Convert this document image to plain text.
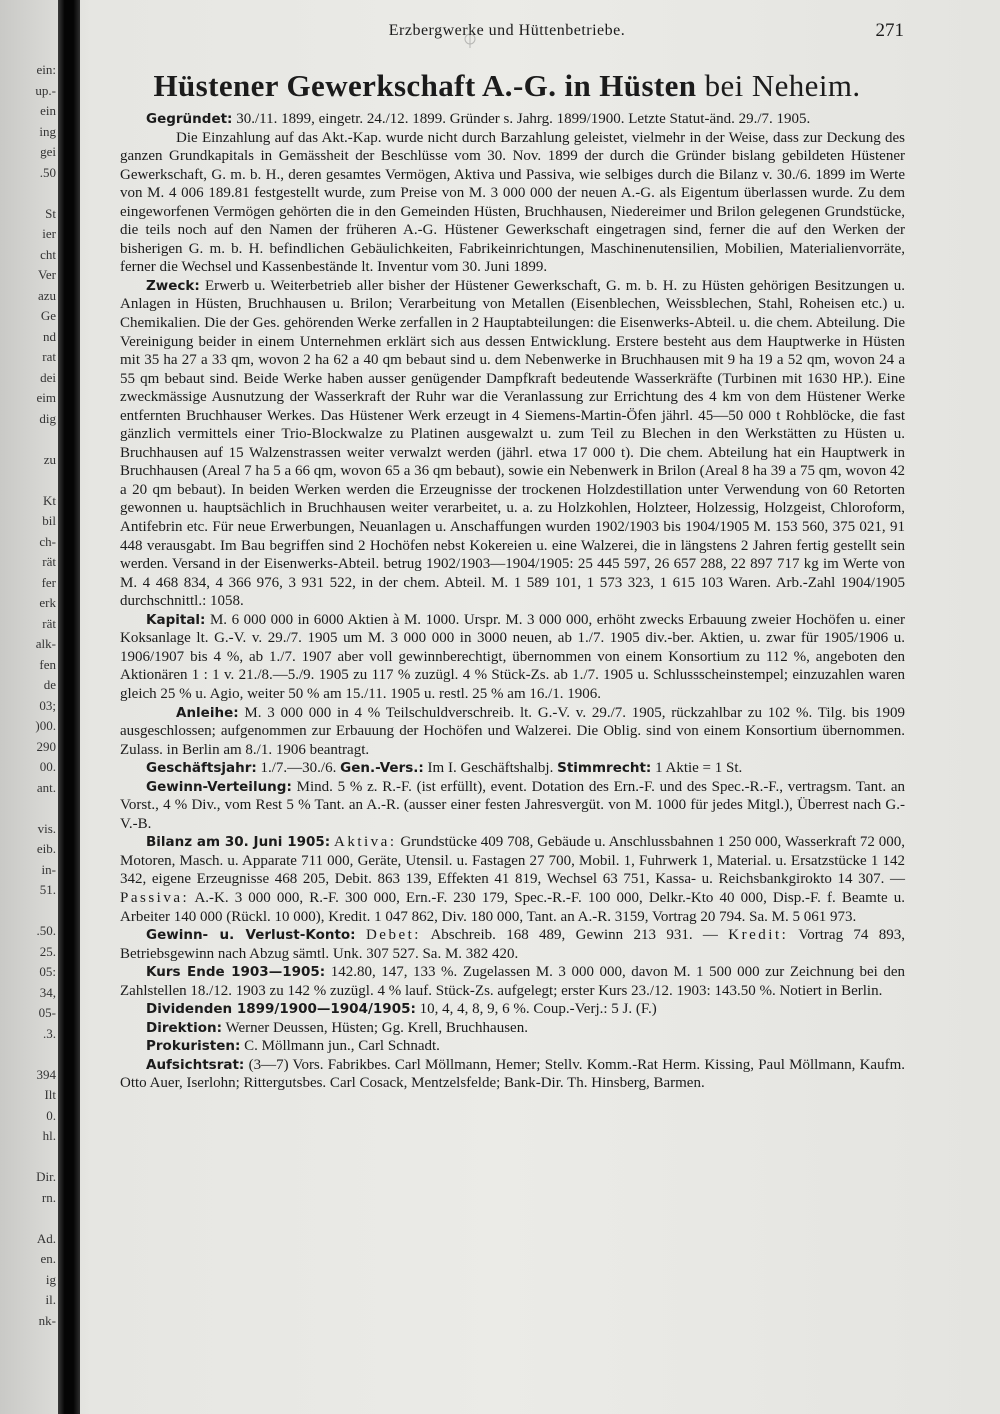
ein:
up.-
ein
ing
gei
.50

St
ier
cht
Ver
azu
Ge
nd
rat
dei
eim
dig

zu

Kt
bil
ch-
rät
fer
erk
rät
alk-
fen
de
03;
)00.
290
00.
ant.

vis.
eib.
in-
51.

.50.
25.
05:
34,
05-
.3.

394
Ilt
0.
hl.

Dir.
rn.

Ad.
en.
ig
il.
nk-
Erzbergwerke und Hüttenbetriebe.	271
Hüstener Gewerkschaft A.-G. in Hüsten bei Neheim.

Gegründet: 30./11. 1899, eingetr. 24./12. 1899. Gründer s. Jahrg. 1899/1900. Letzte Statut-änd. 29./7. 1905.

Die Einzahlung auf das Akt.-Kap. wurde nicht durch Barzahlung geleistet, vielmehr in der Weise, dass zur Deckung des ganzen Grundkapitals in Gemässheit der Beschlüsse vom 30. Nov. 1899 der durch die Gründer bislang gebildeten Hüstener Gewerkschaft, G. m. b. H., deren gesamtes Vermögen, Aktiva und Passiva, wie selbiges durch die Bilanz v. 30./6. 1899 im Werte von M. 4 006 189.81 festgestellt wurde, zum Preise von M. 3 000 000 der neuen A.-G. als Eigentum überlassen wurde. Zu dem eingeworfenen Vermögen gehörten die in den Gemeinden Hüsten, Bruchhausen, Niedereimer und Brilon gelegenen Grundstücke, die teils noch auf den Namen der früheren A.-G. Hüstener Gewerkschaft eingetragen sind, ferner die auf den Werken der bisherigen G. m. b. H. befindlichen Gebäulichkeiten, Fabrikeinrichtungen, Maschinenutensilien, Mobilien, Materialienvorräte, ferner die Wechsel und Kassenbestände lt. Inventur vom 30. Juni 1899.

Zweck: Erwerb u. Weiterbetrieb aller bisher der Hüstener Gewerkschaft, G. m. b. H. zu Hüsten gehörigen Besitzungen u. Anlagen in Hüsten, Bruchhausen u. Brilon; Verarbeitung von Metallen (Eisenblechen, Weissblechen, Stahl, Roheisen etc.) u. Chemikalien. Die der Ges. gehörenden Werke zerfallen in 2 Hauptabteilungen: die Eisenwerks-Abteil. u. die chem. Abteilung. Die Vereinigung beider in einem Unternehmen erklärt sich aus dessen Entwicklung. Erstere besteht aus dem Hauptwerke in Hüsten mit 35 ha 27 a 33 qm, wovon 2 ha 62 a 40 qm bebaut sind u. dem Nebenwerke in Bruchhausen mit 9 ha 19 a 52 qm, wovon 24 a 55 qm bebaut sind. Beide Werke haben ausser genügender Dampfkraft bedeutende Wasserkräfte (Turbinen mit 1630 HP.). Eine zweckmässige Ausnutzung der Wasserkraft der Ruhr war die Veranlassung zur Errichtung des 4 km von dem Hüstener Werke entfernten Bruchhauser Werkes. Das Hüstener Werk erzeugt in 4 Siemens-Martin-Öfen jährl. 45—50 000 t Rohblöcke, die fast gänzlich vermittels einer Trio-Blockwalze zu Platinen ausgewalzt u. zum Teil zu Blechen in den Werkstätten zu Hüsten u. Bruchhausen auf 15 Walzenstrassen weiter verwalzt werden (jährl. etwa 17 000 t). Die chem. Abteilung hat ein Hauptwerk in Bruchhausen (Areal 7 ha 5 a 66 qm, wovon 65 a 36 qm bebaut), sowie ein Nebenwerk in Brilon (Areal 8 ha 39 a 75 qm, wovon 42 a 20 qm bebaut). In beiden Werken werden die Erzeugnisse der trockenen Holzdestillation unter Verwendung von 60 Retorten gewonnen u. hauptsächlich in Bruchhausen weiter verarbeitet, u. a. zu Holzkohlen, Holzteer, Holzessig, Holzgeist, Chloroform, Antifebrin etc. Für neue Erwerbungen, Neuanlagen u. Anschaffungen wurden 1902/1903 bis 1904/1905 M. 153 560, 375 021, 91 448 verausgabt. Im Bau begriffen sind 2 Hochöfen nebst Kokereien u. eine Walzerei, die in längstens 2 Jahren fertig gestellt sein werden. Versand in der Eisenwerks-Abteil. betrug 1902/1903—1904/1905: 25 445 597, 26 657 288, 22 897 717 kg im Werte von M. 4 468 834, 4 366 976, 3 931 522, in der chem. Abteil. M. 1 589 101, 1 573 323, 1 615 103 Waren. Arb.-Zahl 1904/1905 durchschnittl.: 1058.

Kapital: M. 6 000 000 in 6000 Aktien à M. 1000. Urspr. M. 3 000 000, erhöht zwecks Erbauung zweier Hochöfen u. einer Koksanlage lt. G.-V. v. 29./7. 1905 um M. 3 000 000 in 3000 neuen, ab 1./7. 1905 div.-ber. Aktien, u. zwar für 1905/1906 u. 1906/1907 bis 4 %, ab 1./7. 1907 aber voll gewinnberechtigt, übernommen von einem Konsortium zu 112 %, angeboten den Aktionären 1 : 1 v. 21./8.—5./9. 1905 zu 117 % zuzügl. 4 % Stück-Zs. ab 1./7. 1905 u. Schlussscheinstempel; einzuzahlen waren gleich 25 % u. Agio, weiter 50 % am 15./11. 1905 u. restl. 25 % am 16./1. 1906.

Anleihe: M. 3 000 000 in 4 % Teilschuldverschreib. lt. G.-V. v. 29./7. 1905, rückzahlbar zu 102 %. Tilg. bis 1909 ausgeschlossen; aufgenommen zur Erbauung der Hochöfen und Walzerei. Die Oblig. sind von einem Konsortium übernommen. Zulass. in Berlin am 8./1. 1906 beantragt.

Geschäftsjahr: 1./7.—30./6. Gen.-Vers.: Im I. Geschäftshalbj. Stimmrecht: 1 Aktie = 1 St.

Gewinn-Verteilung: Mind. 5 % z. R.-F. (ist erfüllt), event. Dotation des Ern.-F. und des Spec.-R.-F., vertragsm. Tant. an Vorst., 4 % Div., vom Rest 5 % Tant. an A.-R. (ausser einer festen Jahresvergüt. von M. 1000 für jedes Mitgl.), Überrest nach G.-V.-B.

Bilanz am 30. Juni 1905: Aktiva: Grundstücke 409 708, Gebäude u. Anschlussbahnen 1 250 000, Wasserkraft 72 000, Motoren, Masch. u. Apparate 711 000, Geräte, Utensil. u. Fastagen 27 700, Mobil. 1, Fuhrwerk 1, Material. u. Ersatzstücke 1 142 342, eigene Erzeugnisse 468 205, Debit. 863 139, Effekten 41 819, Wechsel 63 751, Kassa- u. Reichsbankgirokto 14 307. — Passiva: A.-K. 3 000 000, R.-F. 300 000, Ern.-F. 230 179, Spec.-R.-F. 100 000, Delkr.-Kto 40 000, Disp.-F. f. Beamte u. Arbeiter 140 000 (Rückl. 10 000), Kredit. 1 047 862, Div. 180 000, Tant. an A.-R. 3159, Vortrag 20 794. Sa. M. 5 061 973.

Gewinn- u. Verlust-Konto: Debet: Abschreib. 168 489, Gewinn 213 931. — Kredit: Vortrag 74 893, Betriebsgewinn nach Abzug sämtl. Unk. 307 527. Sa. M. 382 420.

Kurs Ende 1903—1905: 142.80, 147, 133 %. Zugelassen M. 3 000 000, davon M. 1 500 000 zur Zeichnung bei den Zahlstellen 18./12. 1903 zu 142 % zuzügl. 4 % lauf. Stück-Zs. aufgelegt; erster Kurs 23./12. 1903: 143.50 %. Notiert in Berlin.

Dividenden 1899/1900—1904/1905: 10, 4, 4, 8, 9, 6 %. Coup.-Verj.: 5 J. (F.)

Direktion: Werner Deussen, Hüsten; Gg. Krell, Bruchhausen.

Prokuristen: C. Möllmann jun., Carl Schnadt.

Aufsichtsrat: (3—7) Vors. Fabrikbes. Carl Möllmann, Hemer; Stellv. Komm.-Rat Herm. Kissing, Paul Möllmann, Kaufm. Otto Auer, Iserlohn; Rittergutsbes. Carl Cosack, Mentzelsfelde; Bank-Dir. Th. Hinsberg, Barmen.
